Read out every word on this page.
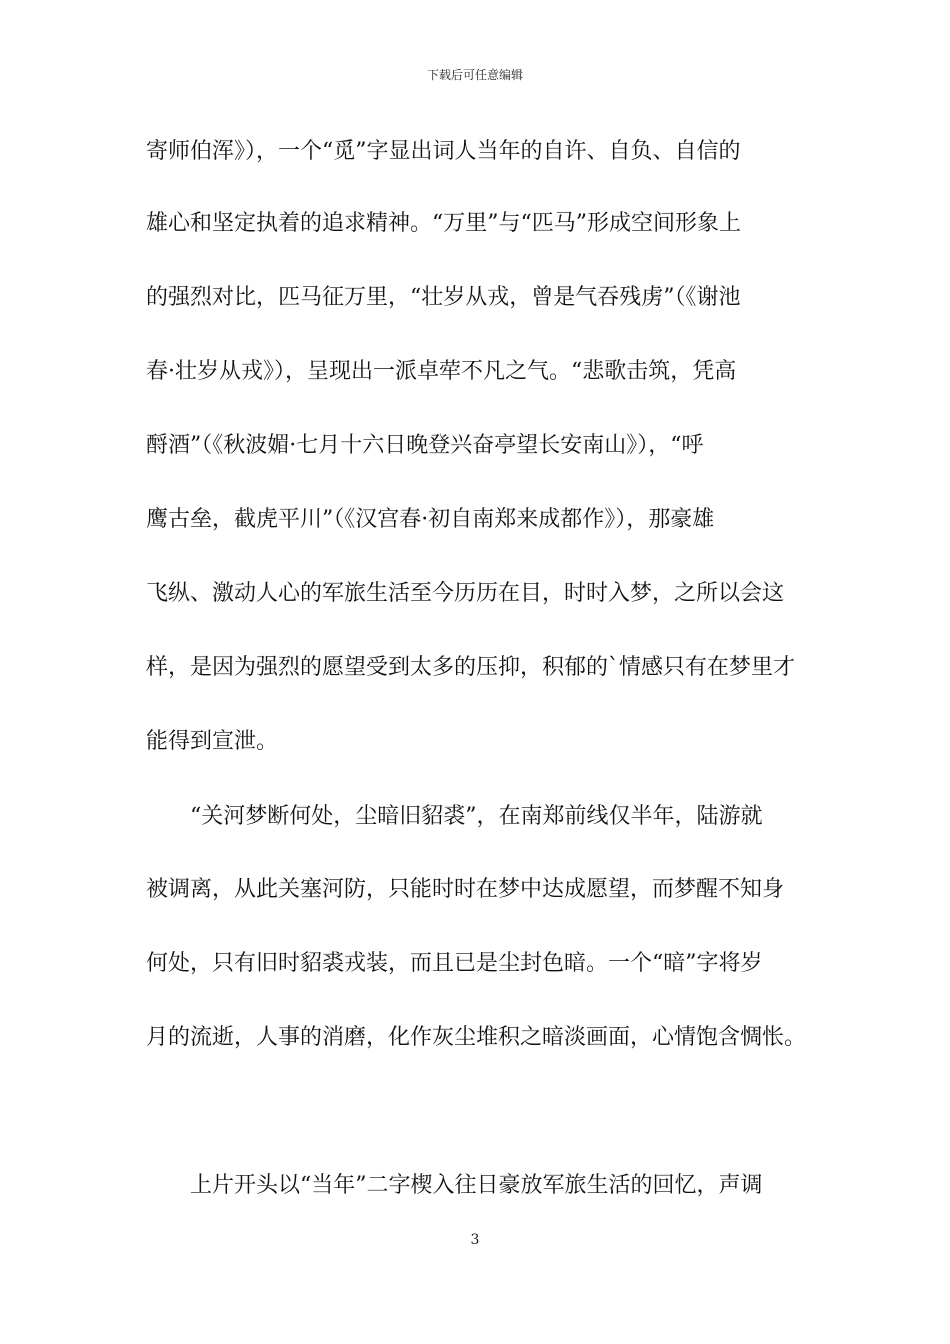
下载后可任意编辑
寄师伯浑》），一个“觅”字显出词人当年的自许、自负、自信的
雄心和坚定执着的追求精神。“万里”与“匹马”形成空间形象上
的强烈对比，匹马征万里，“壮岁从戎，曾是气吞残虏”（《谢池
春·壮岁从戎》），呈现出一派卓荦不凡之气。“悲歌击筑，凭高
酹酒”（《秋波媚·七月十六日晚登兴奋亭望长安南山》），“呼
鹰古垒，截虎平川”（《汉宫春·初自南郑来成都作》），那豪雄
飞纵、激动人心的军旅生活至今历历在目，时时入梦，之所以会这
样，是因为强烈的愿望受到太多的压抑，积郁的`情感只有在梦里才
能得到宣泄。
“关河梦断何处，尘暗旧貂裘”，在南郑前线仅半年，陆游就
被调离，从此关塞河防，只能时时在梦中达成愿望，而梦醒不知身
何处，只有旧时貂裘戎装，而且已是尘封色暗。一个“暗”字将岁
月的流逝，人事的消磨，化作灰尘堆积之暗淡画面，心情饱含惆怅。
上片开头以“当年”二字楔入往日豪放军旅生活的回忆，声调
3
